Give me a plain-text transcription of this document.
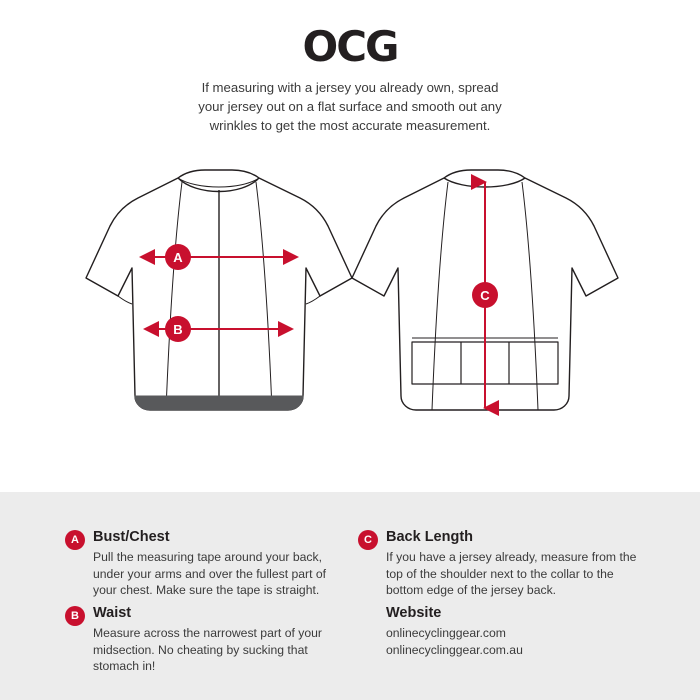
OCG
If measuring with a jersey you already own, spread your jersey out on a flat surface and smooth out any wrinkles to get the most accurate measurement.
A
B
C
A Bust/Chest

Pull the measuring tape around your back, under your arms and over the fullest part of your chest. Make sure the tape is straight.

B Waist

Measure across the narrowest part of your midsection. No cheating by sucking that stomach in!

C Back Length

If you have a jersey already, measure from the top of the shoulder next to the collar to the bottom edge of the jersey back.

Website

onlinecyclinggear.com
onlinecyclinggear.com.au
